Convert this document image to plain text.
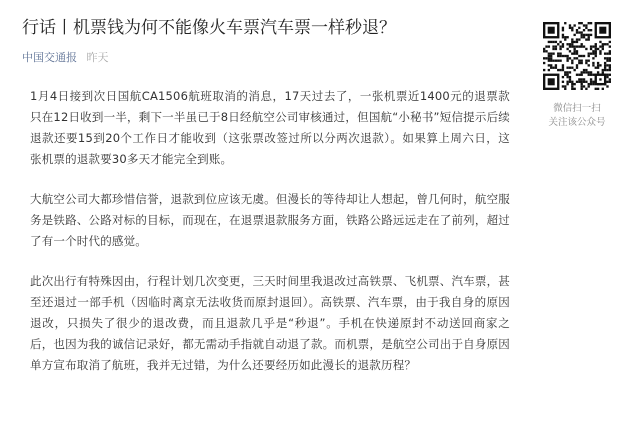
行话丨机票钱为何不能像火车票汽车票一样秒退？
中国交通报 昨天

1月4日接到次日国航CA1506航班取消的消息，17天过去了，一张机票近1400元的退票款只在12日收到一半，剩下一半虽已于8日经航空公司审核通过，但国航“小秘书”短信提示后续退款还要15到20个工作日才能收到（这张票改签过所以分两次退款）。如果算上周六日，这张机票的退款要30多天才能完全到账。

大航空公司大都珍惜信誉，退款到位应该无虞。但漫长的等待却让人想起，曾几何时，航空服务是铁路、公路对标的目标，而现在，在退票退款服务方面，铁路公路远远走在了前列，超过了有一个时代的感觉。

此次出行有特殊因由，行程计划几次变更，三天时间里我退改过高铁票、飞机票、汽车票，甚至还退过一部手机（因临时离京无法收货而原封退回）。高铁票、汽车票，由于我自身的原因退改，只损失了很少的退改费，而且退款几乎是“秒退”。手机在快递原封不动送回商家之后，也因为我的诚信记录好，都无需动手指就自动退了款。而机票，是航空公司出于自身原因单方宣布取消了航班，我并无过错，为什么还要经历如此漫长的退款历程？

微信扫一扫
关注该公众号
